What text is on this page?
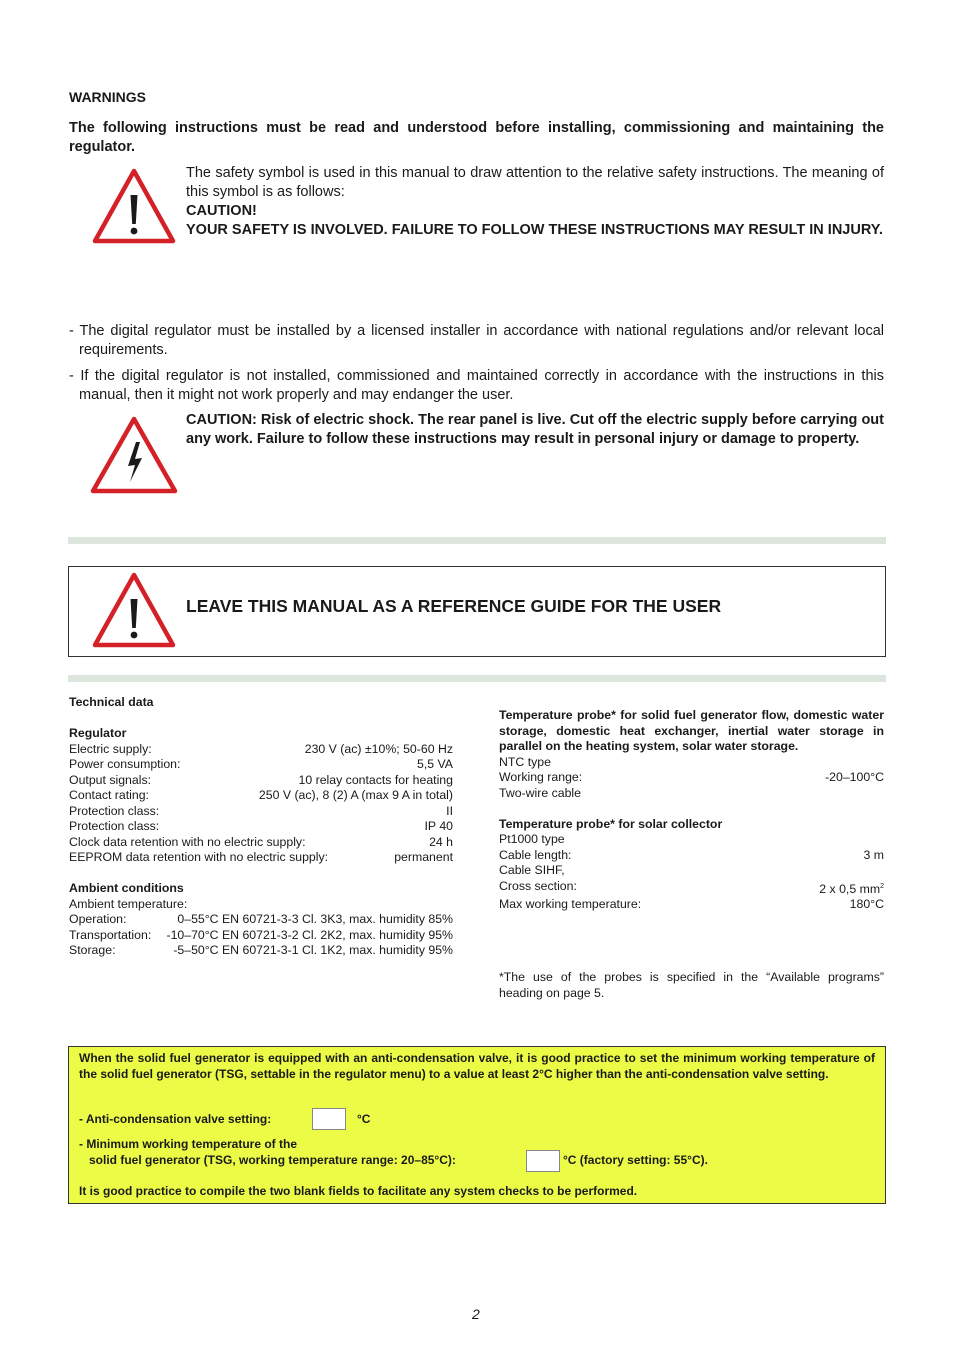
WARNINGS
The following instructions must be read and understood before installing, commissioning and maintaining the regulator.
The safety symbol is used in this manual to draw attention to the relative safety instructions. The meaning of this symbol is as follows:
CAUTION!
YOUR SAFETY IS INVOLVED. FAILURE TO FOLLOW THESE INSTRUCTIONS MAY RESULT IN INJURY.
- The digital regulator must be installed by a licensed installer in accordance with national regulations and/or relevant local requirements.
- If the digital regulator is not installed, commissioned and maintained correctly in accordance with the instructions in this manual, then it might not work properly and may endanger the user.
CAUTION: Risk of electric shock. The rear panel is live. Cut off the electric supply before carrying out any work. Failure to follow these instructions may result in personal injury or damage to property.
LEAVE THIS MANUAL AS A REFERENCE GUIDE FOR THE USER
Technical data
Regulator
Electric supply:	230 V (ac) ±10%; 50-60 Hz
Power consumption:	5,5 VA
Output signals:	10 relay contacts for heating
Contact rating:	250 V (ac), 8 (2) A (max 9 A in total)
Protection class:	II
Protection class:	IP 40
Clock data retention with no electric supply:	24 h
EEPROM data retention with no electric supply:	permanent
Ambient conditions
Ambient temperature:
Operation:	0–55°C EN 60721-3-3 Cl. 3K3, max. humidity 85%
Transportation: -10–70°C EN 60721-3-2 Cl. 2K2, max. humidity 95%
Storage:	-5–50°C EN 60721-3-1 Cl. 1K2, max. humidity 95%
Temperature probe* for solid fuel generator flow, domestic water storage, domestic heat exchanger, inertial water storage in parallel on the heating system, solar water storage.
NTC type
Working range:	-20–100°C
Two-wire cable
Temperature probe* for solar collector
Pt1000 type
Cable length:	3 m
Cable SIHF,
Cross section:	2 x 0,5 $mm^2$
Max working temperature:	180°C
*The use of the probes is specified in the “Available programs” heading on page 5.
When the solid fuel generator is equipped with an anti-condensation valve, it is good practice to set the minimum working temperature of the solid fuel generator (TSG, settable in the regulator menu) to a value at least 2°C higher than the anti-condensation valve setting.
- Anti-condensation valve setting:	°C
- Minimum working temperature of the
solid fuel generator (TSG, working temperature range: 20–85°C):	°C (factory setting: 55°C).
It is good practice to compile the two blank fields to facilitate any system checks to be performed.
2
